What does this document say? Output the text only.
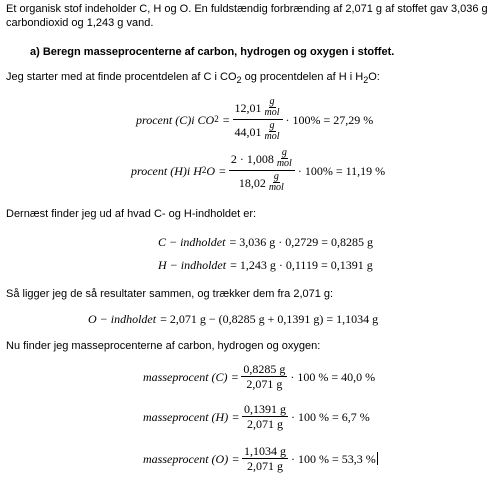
Et organisk stof indeholder C, H og O. En fuldstændig forbrænding af 2,071 g af stoffet gav 3,036 g
carbondioxid og 1,243 g vand.
a) Beregn masseprocenterne af carbon, hydrogen og oxygen i stoffet.
Jeg starter med at finde procentdelen af C i $CO_2$ og procentdelen af H i $H_2O$:
procent (C)i CO 2 = 12,01 g
mol
44,01 g
mol · 100% = 27,29 %
procent (H)i H 2 O = 2 · 1,008 g
mol
18,02 g
mol · 100% = 11,19 %
Dernæst finder jeg ud af hvad C- og H-indholdet er:
C − indholdet = 3,036 g · 0,2729 = 0,8285 g
H − indholdet = 1,243 g · 0,1119 = 0,1391 g
Så ligger jeg de så resultater sammen, og trækker dem fra 2,071 g:
O − indholdet = 2,071 g − (0,8285 g + 0,1391 g) = 1,1034 g
Nu finder jeg masseprocenterne af carbon, hydrogen og oxygen:
masseprocent $(C) = \frac{0,8285 g}{2,071 g} \cdot 100$ % = 40,0 %
masseprocent $(H) = \frac{0,1391 g}{2,071 g} \cdot 100$ % = 6,7 %
masseprocent $(O) = \frac{1,1034 g}{2,071 g} \cdot 100$ % = 53,3 %
